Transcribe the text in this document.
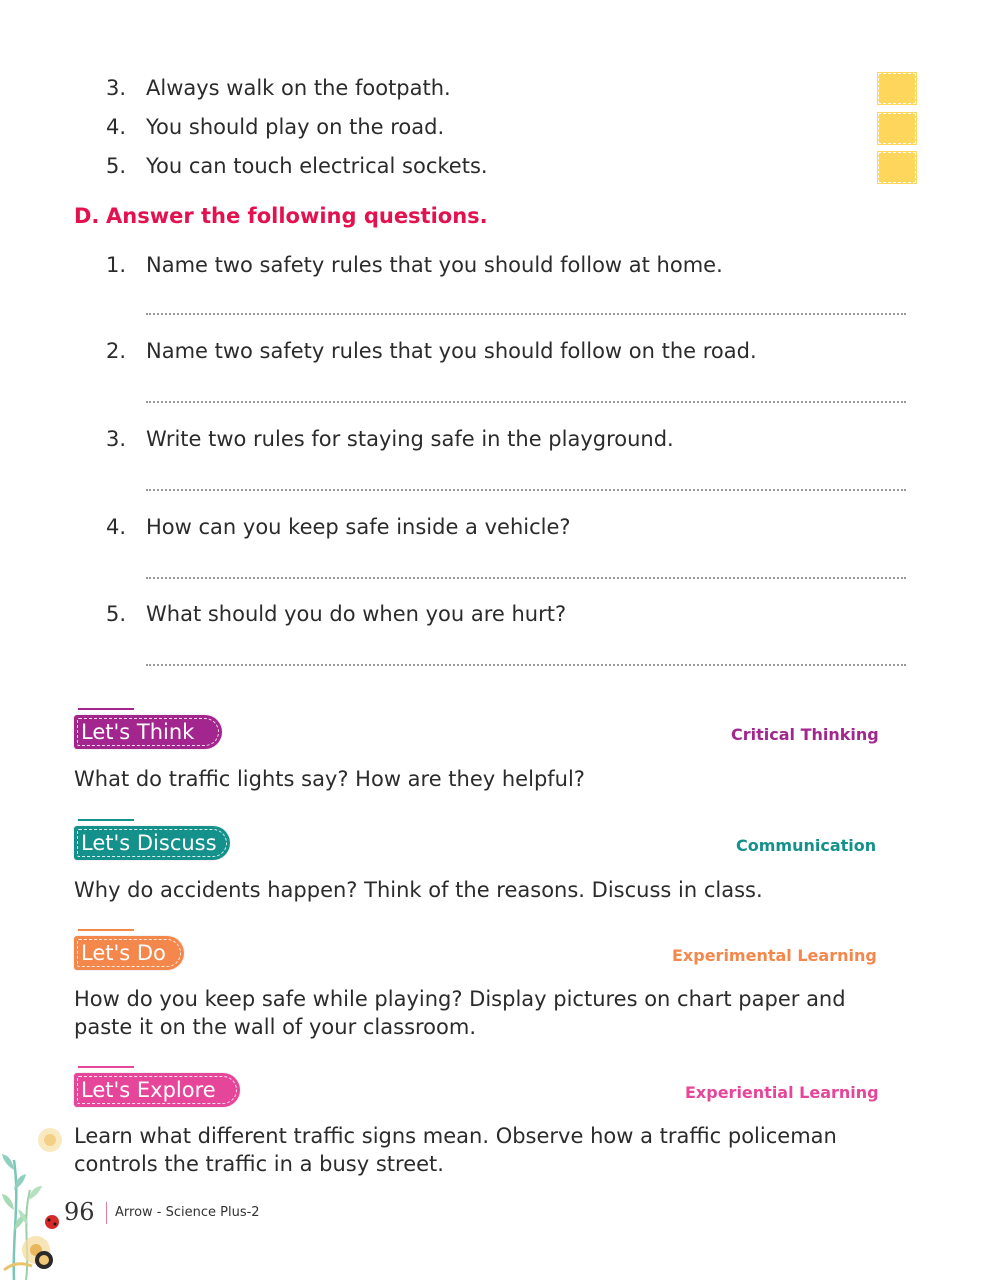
3. Always walk on the footpath.
4. You should play on the road.
5. You can touch electrical sockets.
D. Answer the following questions.
1. Name two safety rules that you should follow at home.
2. Name two safety rules that you should follow on the road.
3. Write two rules for staying safe in the playground.
4. How can you keep safe inside a vehicle?
5. What should you do when you are hurt?
Let's Think	Critical Thinking
What do traffic lights say? How are they helpful?
Let's Discuss	Communication
Why do accidents happen? Think of the reasons. Discuss in class.
Let's Do	Experimental Learning
How do you keep safe while playing? Display pictures on chart paper and paste it on the wall of your classroom.
Let's Explore	Experiential Learning
Learn what different traffic signs mean. Observe how a traffic policeman controls the traffic in a busy street.
96 Arrow - Science Plus-2
